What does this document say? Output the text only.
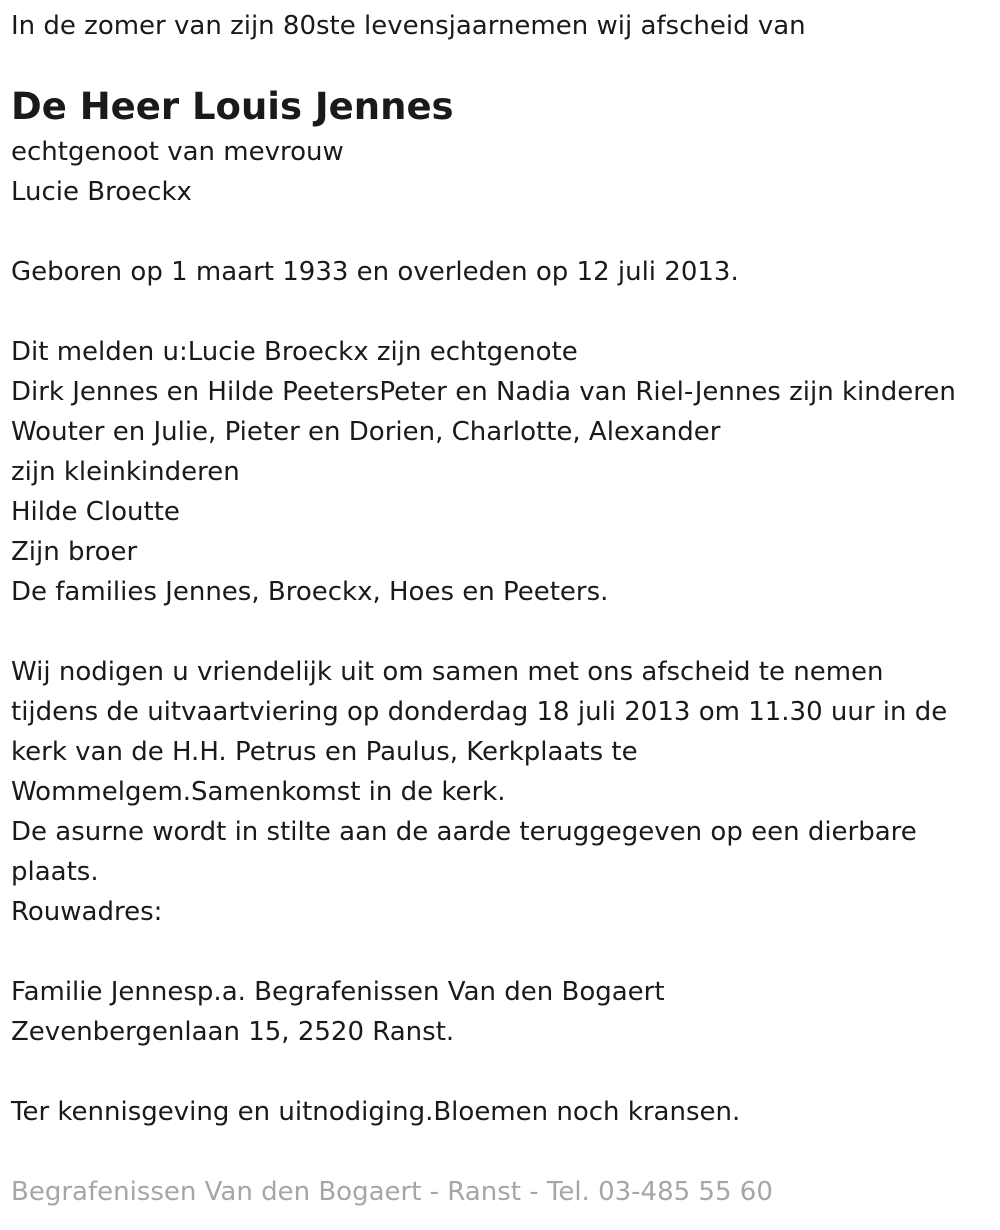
In de zomer van zijn 80ste levensjaarnemen wij afscheid van
De Heer Louis Jennes
echtgenoot van mevrouw
Lucie Broeckx
Geboren op 1 maart 1933 en overleden op 12 juli 2013.
Dit melden u:Lucie Broeckx zijn echtgenote
Dirk Jennes en Hilde PeetersPeter en Nadia van Riel-Jennes zijn kinderen
Wouter en Julie, Pieter en Dorien, Charlotte, Alexander
zijn kleinkinderen
Hilde Cloutte
Zijn broer
De families Jennes, Broeckx, Hoes en Peeters.
Wij nodigen u vriendelijk uit om samen met ons afscheid te nemen
tijdens de uitvaartviering op donderdag 18 juli 2013 om 11.30 uur in de
kerk van de H.H. Petrus en Paulus, Kerkplaats te
Wommelgem.Samenkomst in de kerk.
De asurne wordt in stilte aan de aarde teruggegeven op een dierbare
plaats.
Rouwadres:
Familie Jennesp.a. Begrafenissen Van den Bogaert
Zevenbergenlaan 15, 2520 Ranst.
Ter kennisgeving en uitnodiging.Bloemen noch kransen.
Begrafenissen Van den Bogaert - Ranst - Tel. 03-485 55 60
